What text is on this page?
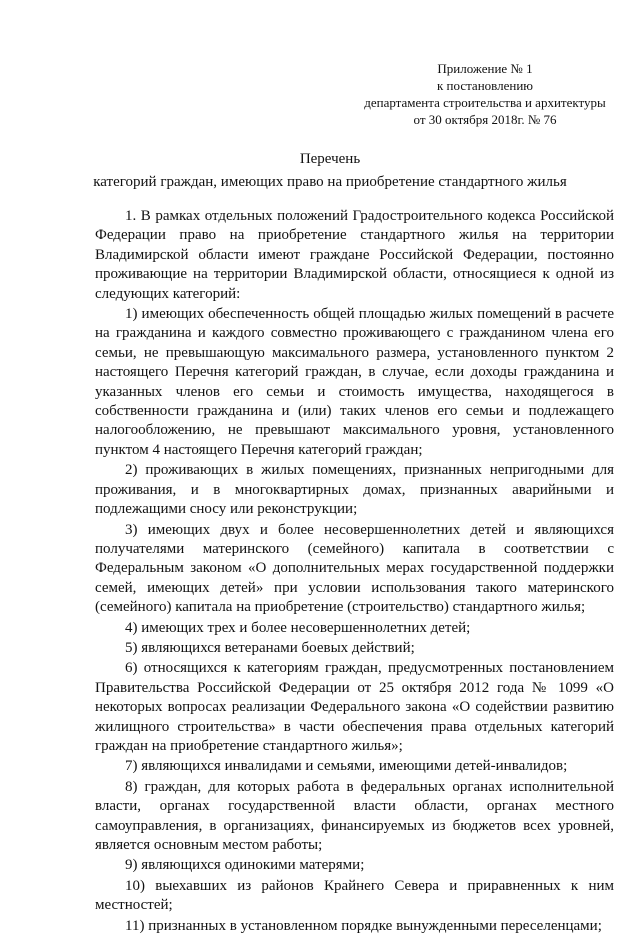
Приложение № 1
к постановлению
департамента строительства и архитектуры
от 30 октября 2018г. № 76
Перечень
категорий граждан, имеющих право на приобретение стандартного жилья

1. В рамках отдельных положений Градостроительного кодекса Российской Федерации право на приобретение стандартного жилья на территории Владимирской области имеют граждане Российской Федерации, постоянно проживающие на территории Владимирской области, относящиеся к одной из следующих категорий:

1) имеющих обеспеченность общей площадью жилых помещений в расчете на гражданина и каждого совместно проживающего с гражданином члена его семьи, не превышающую максимального размера, установленного пунктом 2 настоящего Перечня категорий граждан, в случае, если доходы гражданина и указанных членов его семьи и стоимость имущества, находящегося в собственности гражданина и (или) таких членов его семьи и подлежащего налогообложению, не превышают максимального уровня, установленного пунктом 4 настоящего Перечня категорий граждан;

2) проживающих в жилых помещениях, признанных непригодными для проживания, и в многоквартирных домах, признанных аварийными и подлежащими сносу или реконструкции;

3) имеющих двух и более несовершеннолетних детей и являющихся получателями материнского (семейного) капитала в соответствии с Федеральным законом «О дополнительных мерах государственной поддержки семей, имеющих детей» при условии использования такого материнского (семейного) капитала на приобретение (строительство) стандартного жилья;

4) имеющих трех и более несовершеннолетних детей;

5) являющихся ветеранами боевых действий;

6) относящихся к категориям граждан, предусмотренных постановлением Правительства Российской Федерации от 25 октября 2012 года № 1099 «О некоторых вопросах реализации Федерального закона «О содействии развитию жилищного строительства» в части обеспечения права отдельных категорий граждан на приобретение стандартного жилья»;

7) являющихся инвалидами и семьями, имеющими детей-инвалидов;

8) граждан, для которых работа в федеральных органах исполнительной власти, органах государственной власти области, органах местного самоуправления, в организациях, финансируемых из бюджетов всех уровней, является основным местом работы;

9) являющихся одинокими матерями;

10) выехавших из районов Крайнего Севера и приравненных к ним местностей;

11) признанных в установленном порядке вынужденными переселенцами;
